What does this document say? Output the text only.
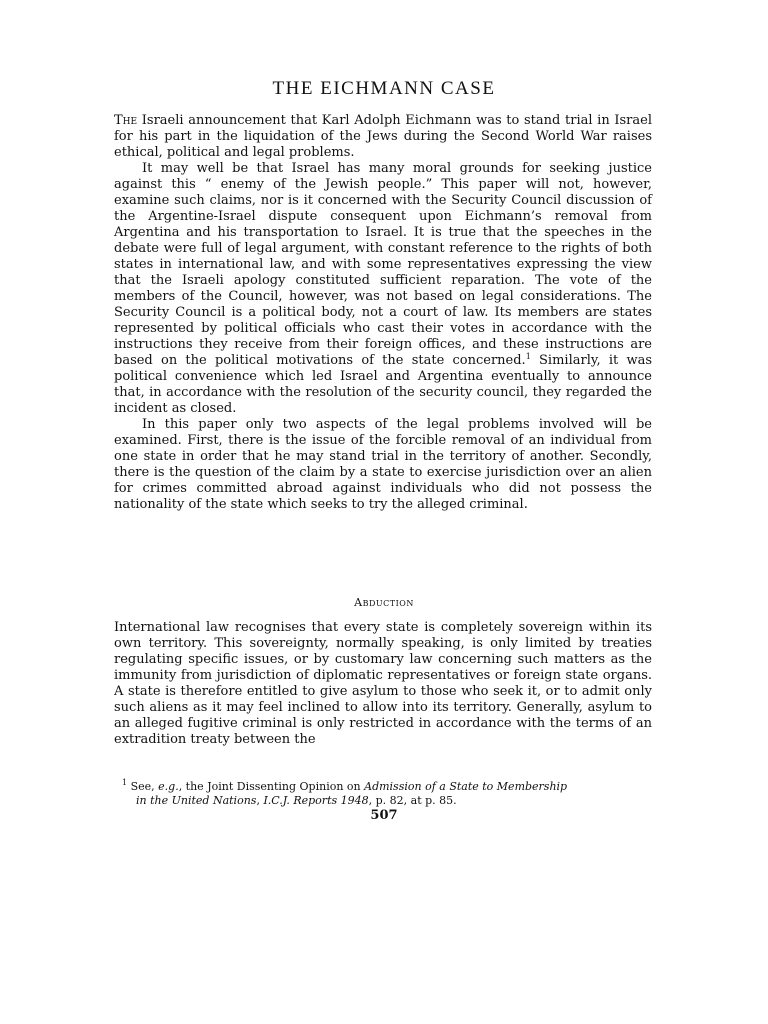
THE EICHMANN CASE

The Israeli announcement that Karl Adolph Eichmann was to stand trial in Israel for his part in the liquidation of the Jews during the Second World War raises ethical, political and legal problems.

It may well be that Israel has many moral grounds for seeking justice against this “ enemy of the Jewish people.” This paper will not, however, examine such claims, nor is it concerned with the Security Council discussion of the Argentine-Israel dispute consequent upon Eichmann’s removal from Argentina and his transportation to Israel. It is true that the speeches in the debate were full of legal argument, with constant reference to the rights of both states in international law, and with some representatives expressing the view that the Israeli apology constituted sufficient reparation. The vote of the members of the Council, however, was not based on legal considerations. The Security Council is a political body, not a court of law. Its members are states represented by political officials who cast their votes in accordance with the instructions they receive from their foreign offices, and these instructions are based on the political motivations of the state concerned.$^1$ Similarly, it was political convenience which led Israel and Argentina eventually to announce that, in accordance with the resolution of the security council, they regarded the incident as closed.

In this paper only two aspects of the legal problems involved will be examined. First, there is the issue of the forcible removal of an individual from one state in order that he may stand trial in the territory of another. Secondly, there is the question of the claim by a state to exercise jurisdiction over an alien for crimes committed abroad against individuals who did not possess the nationality of the state which seeks to try the alleged criminal.

Abduction

International law recognises that every state is completely sovereign within its own territory. This sovereignty, normally speaking, is only limited by treaties regulating specific issues, or by customary law concerning such matters as the immunity from jurisdiction of diplomatic representatives or foreign state organs. A state is therefore entitled to give asylum to those who seek it, or to admit only such aliens as it may feel inclined to allow into its territory. Generally, asylum to an alleged fugitive criminal is only restricted in accordance with the terms of an extradition treaty between the

$^1$ See, e.g., the Joint Dissenting Opinion on Admission of a State to Membership
in the United Nations, I.C.J. Reports 1948, p. 82, at p. 85.
507
